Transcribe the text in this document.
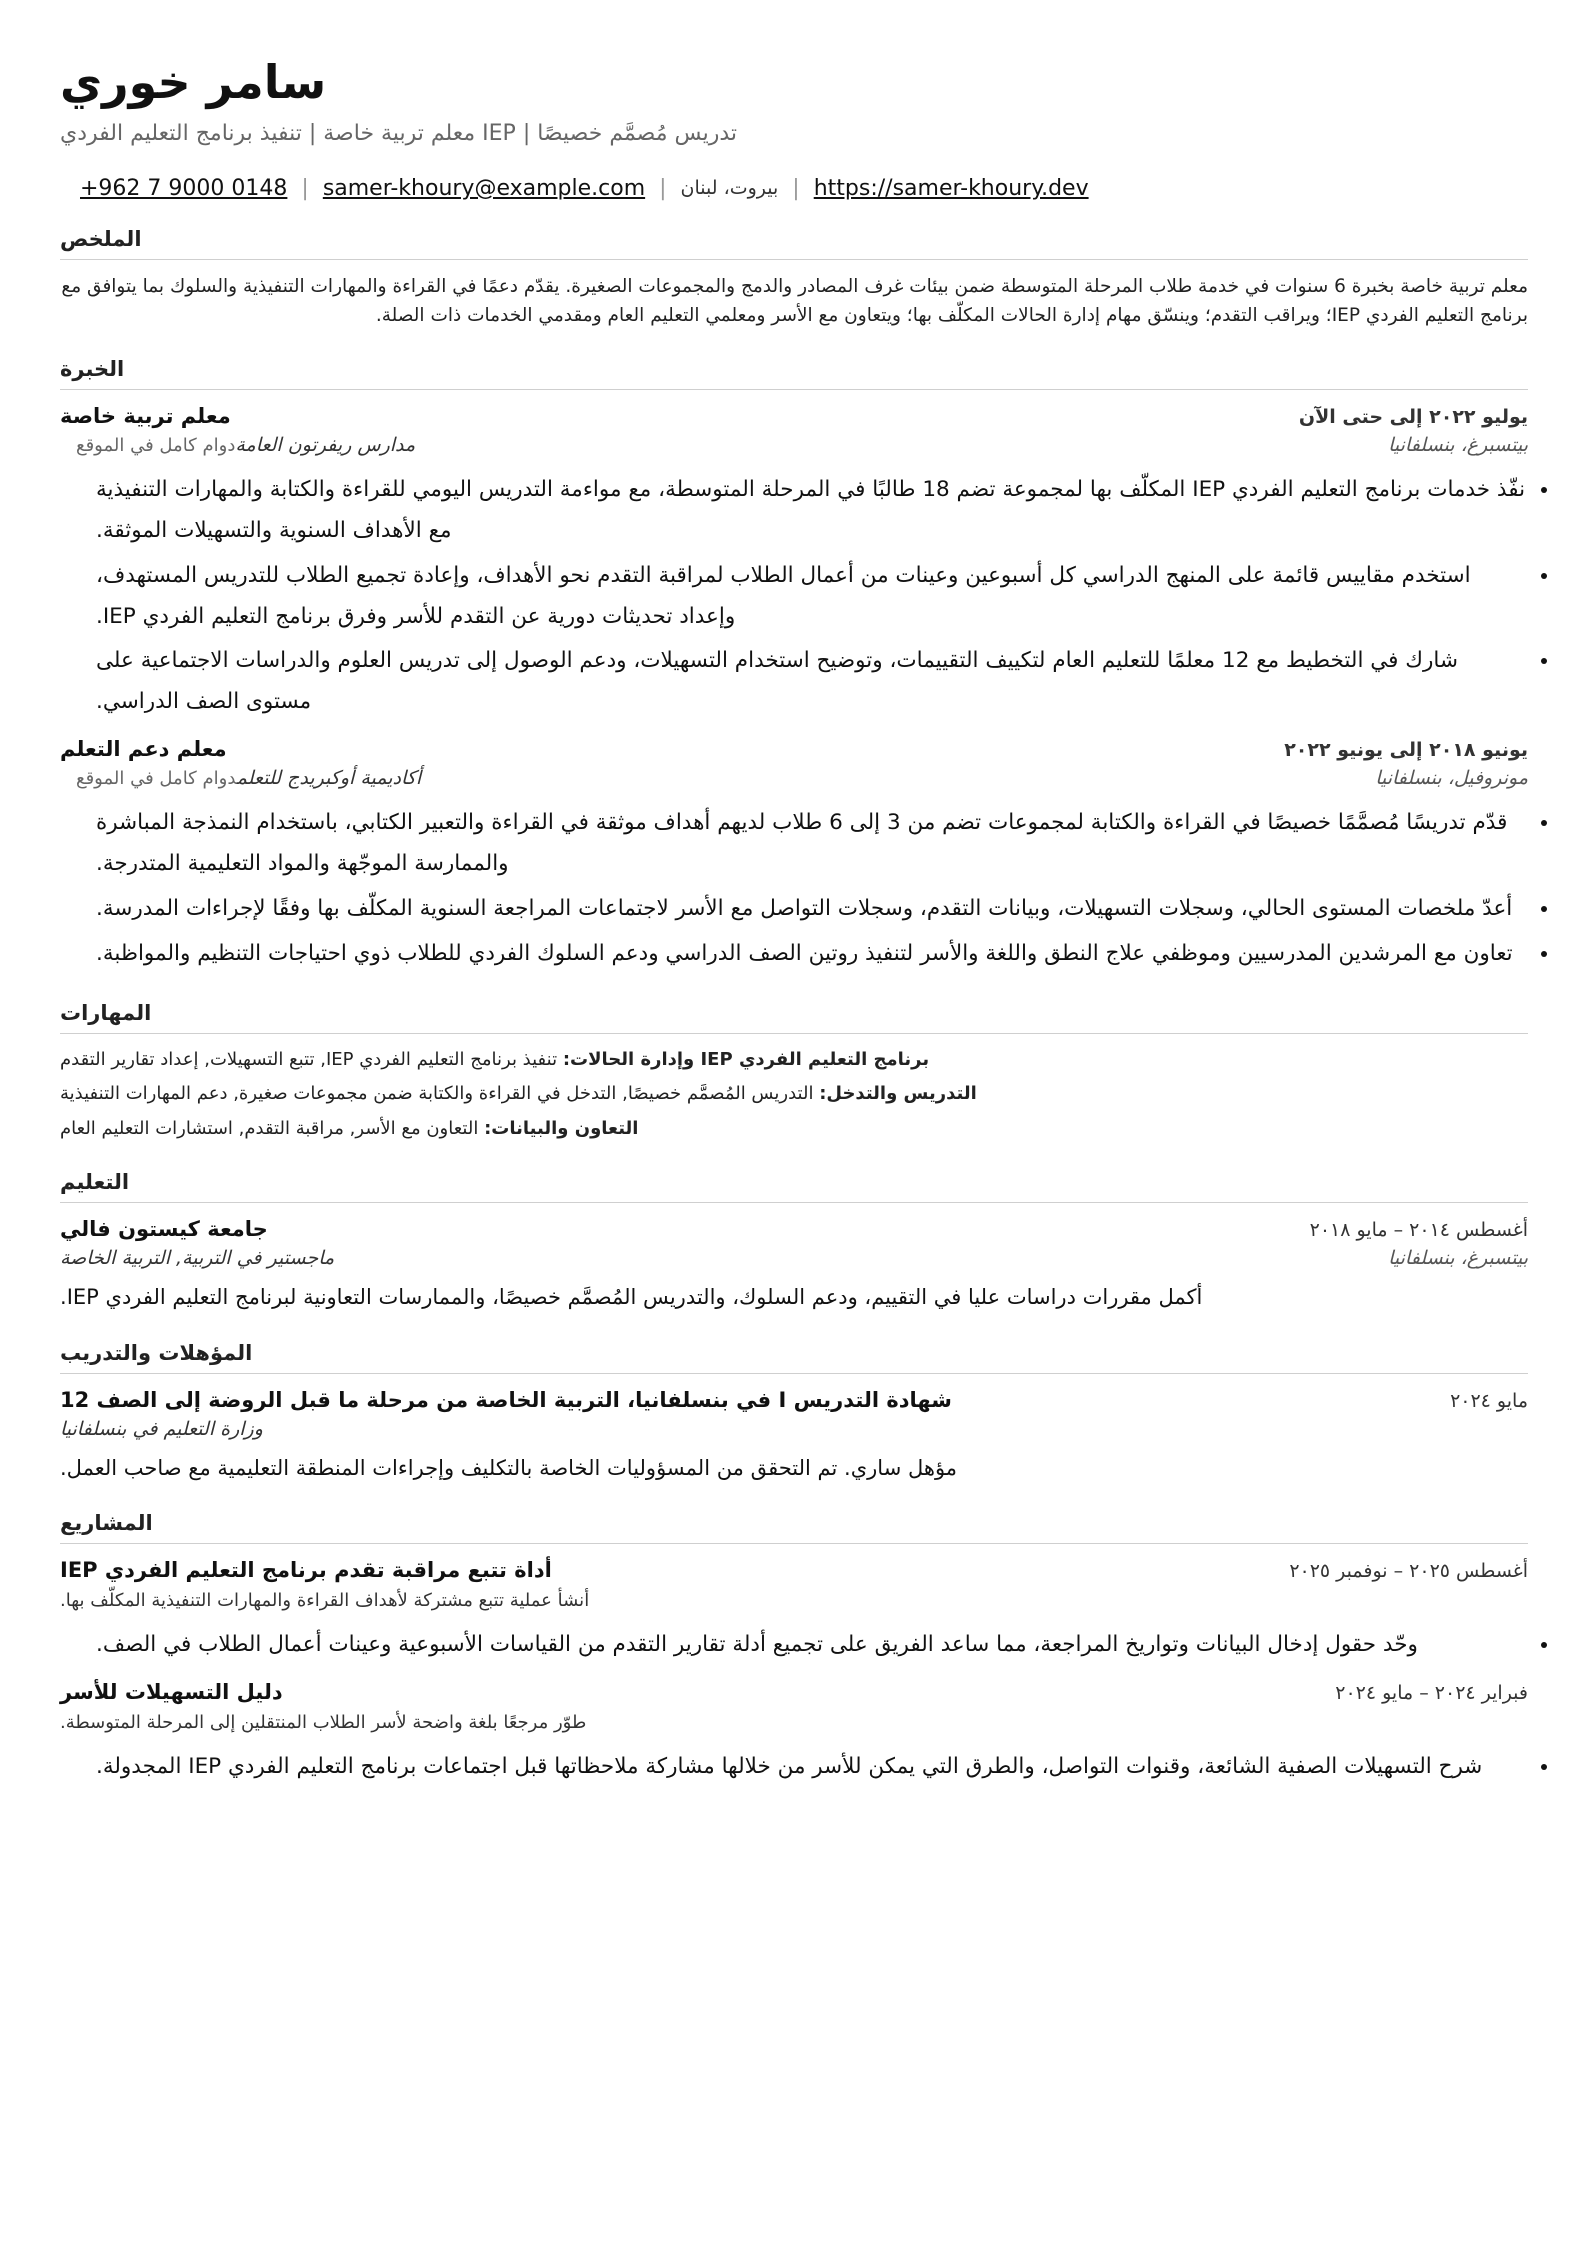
سامر خوري
تدريس مُصمَّم خصيصًا | IEP معلم تربية خاصة | تنفيذ برنامج التعليم الفردي
+962 7 9000 0148 | samer-khoury@example.com | بيروت، لبنان | https://samer-khoury.dev
الملخص
معلم تربية خاصة بخبرة 6 سنوات في خدمة طلاب المرحلة المتوسطة ضمن بيئات غرف المصادر والدمج والمجموعات الصغيرة. يقدّم دعمًا في القراءة والمهارات التنفيذية والسلوك بما يتوافق مع برنامج التعليم الفردي IEP؛ ويراقب التقدم؛ وينسّق مهام إدارة الحالات المكلّف بها؛ ويتعاون مع الأسر ومعلمي التعليم العام ومقدمي الخدمات ذات الصلة.
الخبرة
معلم تربية خاصة	يوليو ٢٠٢٢ إلى حتى الآن
مدارس ريفرتون العامةدوام كامل في الموقع	بيتسبرغ، بنسلفانيا
• نفّذ خدمات برنامج التعليم الفردي IEP المكلّف بها لمجموعة تضم 18 طالبًا في المرحلة المتوسطة، مع مواءمة التدريس اليومي للقراءة والكتابة والمهارات التنفيذية مع الأهداف السنوية والتسهيلات الموثقة.
• استخدم مقاييس قائمة على المنهج الدراسي كل أسبوعين وعينات من أعمال الطلاب لمراقبة التقدم نحو الأهداف، وإعادة تجميع الطلاب للتدريس المستهدف، وإعداد تحديثات دورية عن التقدم للأسر وفرق برنامج التعليم الفردي IEP.
• شارك في التخطيط مع 12 معلمًا للتعليم العام لتكييف التقييمات، وتوضيح استخدام التسهيلات، ودعم الوصول إلى تدريس العلوم والدراسات الاجتماعية على مستوى الصف الدراسي.
معلم دعم التعلم	يونيو ٢٠١٨ إلى يونيو ٢٠٢٢
أكاديمية أوكبريدج للتعلمدوام كامل في الموقع	مونروفيل، بنسلفانيا
• قدّم تدريسًا مُصمَّمًا خصيصًا في القراءة والكتابة لمجموعات تضم من 3 إلى 6 طلاب لديهم أهداف موثقة في القراءة والتعبير الكتابي، باستخدام النمذجة المباشرة والممارسة الموجّهة والمواد التعليمية المتدرجة.
• أعدّ ملخصات المستوى الحالي، وسجلات التسهيلات، وبيانات التقدم، وسجلات التواصل مع الأسر لاجتماعات المراجعة السنوية المكلّف بها وفقًا لإجراءات المدرسة.
• تعاون مع المرشدين المدرسيين وموظفي علاج النطق واللغة والأسر لتنفيذ روتين الصف الدراسي ودعم السلوك الفردي للطلاب ذوي احتياجات التنظيم والمواظبة.
المهارات
برنامج التعليم الفردي IEP وإدارة الحالات: تنفيذ برنامج التعليم الفردي IEP, تتبع التسهيلات, إعداد تقارير التقدم
التدريس والتدخل: التدريس المُصمَّم خصيصًا, التدخل في القراءة والكتابة ضمن مجموعات صغيرة, دعم المهارات التنفيذية
التعاون والبيانات: التعاون مع الأسر, مراقبة التقدم, استشارات التعليم العام
التعليم
جامعة كيستون فالي	أغسطس ٢٠١٤ – مايو ٢٠١٨
ماجستير في التربية, التربية الخاصة	بيتسبرغ، بنسلفانيا
أكمل مقررات دراسات عليا في التقييم، ودعم السلوك، والتدريس المُصمَّم خصيصًا، والممارسات التعاونية لبرنامج التعليم الفردي IEP.
المؤهلات والتدريب
شهادة التدريس I في بنسلفانيا، التربية الخاصة من مرحلة ما قبل الروضة إلى الصف 12	مايو ٢٠٢٤
وزارة التعليم في بنسلفانيا
مؤهل ساري. تم التحقق من المسؤوليات الخاصة بالتكليف وإجراءات المنطقة التعليمية مع صاحب العمل.
المشاريع
أداة تتبع مراقبة تقدم برنامج التعليم الفردي IEP	أغسطس ٢٠٢٥ – نوفمبر ٢٠٢٥
أنشأ عملية تتبع مشتركة لأهداف القراءة والمهارات التنفيذية المكلّف بها.
• وحّد حقول إدخال البيانات وتواريخ المراجعة، مما ساعد الفريق على تجميع أدلة تقارير التقدم من القياسات الأسبوعية وعينات أعمال الطلاب في الصف.
دليل التسهيلات للأسر	فبراير ٢٠٢٤ – مايو ٢٠٢٤
طوّر مرجعًا بلغة واضحة لأسر الطلاب المنتقلين إلى المرحلة المتوسطة.
• شرح التسهيلات الصفية الشائعة، وقنوات التواصل، والطرق التي يمكن للأسر من خلالها مشاركة ملاحظاتها قبل اجتماعات برنامج التعليم الفردي IEP المجدولة.
